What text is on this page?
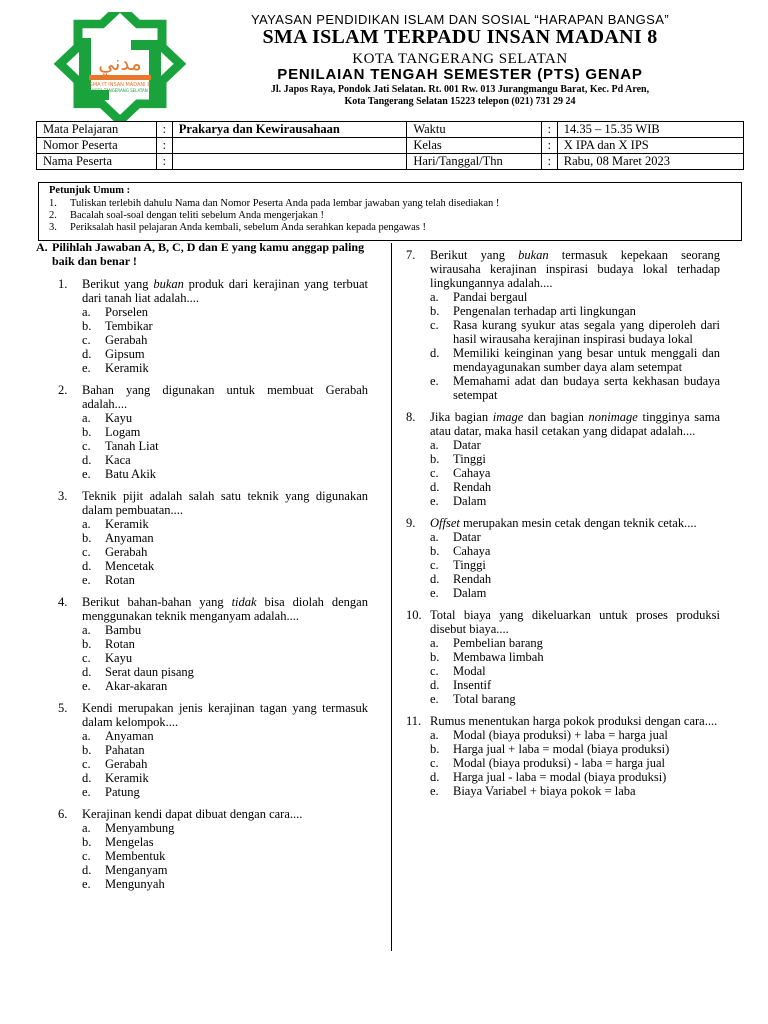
مدني
SMA IT INSAN MADANI 8
KOTA TANGERANG SELATAN
YAYASAN PENDIDIKAN ISLAM DAN SOSIAL “HARAPAN BANGSA”
SMA ISLAM TERPADU INSAN MADANI 8
KOTA TANGERANG SELATAN
PENILAIAN TENGAH SEMESTER (PTS) GENAP
Jl. Japos Raya, Pondok Jati Selatan. Rt. 001 Rw. 013 Jurangmangu Barat, Kec. Pd Aren,
Kota Tangerang Selatan 15223 telepon (021) 731 29 24
Mata Pelajaran	:	Prakarya dan Kewirausahaan	Waktu	:	14.35 – 15.35 WIB
Nomor Peserta	:		Kelas	:	X IPA dan X IPS
Nama Peserta	:		Hari/Tanggal/Thn	:	Rabu, 08 Maret 2023
Petunjuk Umum :
1.	Tuliskan terlebih dahulu Nama dan Nomor Peserta Anda pada lembar jawaban yang telah disediakan !
2.	Bacalah soal-soal dengan teliti sebelum Anda mengerjakan !
3.	Periksalah hasil pelajaran Anda kembali, sebelum Anda serahkan kepada pengawas !
A. Pilihlah Jawaban A, B, C, D dan E yang kamu anggap paling baik dan benar !
1.	Berikut yang bukan produk dari kerajinan yang terbuat dari tanah liat adalah....
a.	Porselen
b.	Tembikar
c.	Gerabah
d.	Gipsum
e.	Keramik
2.	Bahan yang digunakan untuk membuat Gerabah adalah....
a.	Kayu
b.	Logam
c.	Tanah Liat
d.	Kaca
e.	Batu Akik
3.	Teknik pijit adalah salah satu teknik yang digunakan dalam pembuatan....
a.	Keramik
b.	Anyaman
c.	Gerabah
d.	Mencetak
e.	Rotan
4.	Berikut bahan-bahan yang tidak bisa diolah dengan menggunakan teknik menganyam adalah....
a.	Bambu
b.	Rotan
c.	Kayu
d.	Serat daun pisang
e.	Akar-akaran
5.	Kendi merupakan jenis kerajinan tagan yang termasuk dalam kelompok....
a.	Anyaman
b.	Pahatan
c.	Gerabah
d.	Keramik
e.	Patung
6.	Kerajinan kendi dapat dibuat dengan cara....
a.	Menyambung
b.	Mengelas
c.	Membentuk
d.	Menganyam
e.	Mengunyah
7.	Berikut yang bukan termasuk kepekaan seorang wirausaha kerajinan inspirasi budaya lokal terhadap lingkungannya adalah....
a.	Pandai bergaul
b.	Pengenalan terhadap arti lingkungan
c.	Rasa kurang syukur atas segala yang diperoleh dari hasil wirausaha kerajinan inspirasi budaya lokal
d.	Memiliki keinginan yang besar untuk menggali dan mendayagunakan sumber daya alam setempat
e.	Memahami adat dan budaya serta kekhasan budaya setempat
8.	Jika bagian image dan bagian nonimage tingginya sama atau datar, maka hasil cetakan yang didapat adalah....
a.	Datar
b.	Tinggi
c.	Cahaya
d.	Rendah
e.	Dalam
9.	Offset merupakan mesin cetak dengan teknik cetak....
a.	Datar
b.	Cahaya
c.	Tinggi
d.	Rendah
e.	Dalam
10. Total biaya yang dikeluarkan untuk proses produksi disebut biaya....
a.	Pembelian barang
b.	Membawa limbah
c.	Modal
d.	Insentif
e.	Total barang
11. Rumus menentukan harga pokok produksi dengan cara....
a.	Modal (biaya produksi) + laba = harga jual
b.	Harga jual + laba = modal (biaya produksi)
c.	Modal (biaya produksi) - laba = harga jual
d.	Harga jual - laba = modal (biaya produksi)
e.	Biaya Variabel + biaya pokok = laba
